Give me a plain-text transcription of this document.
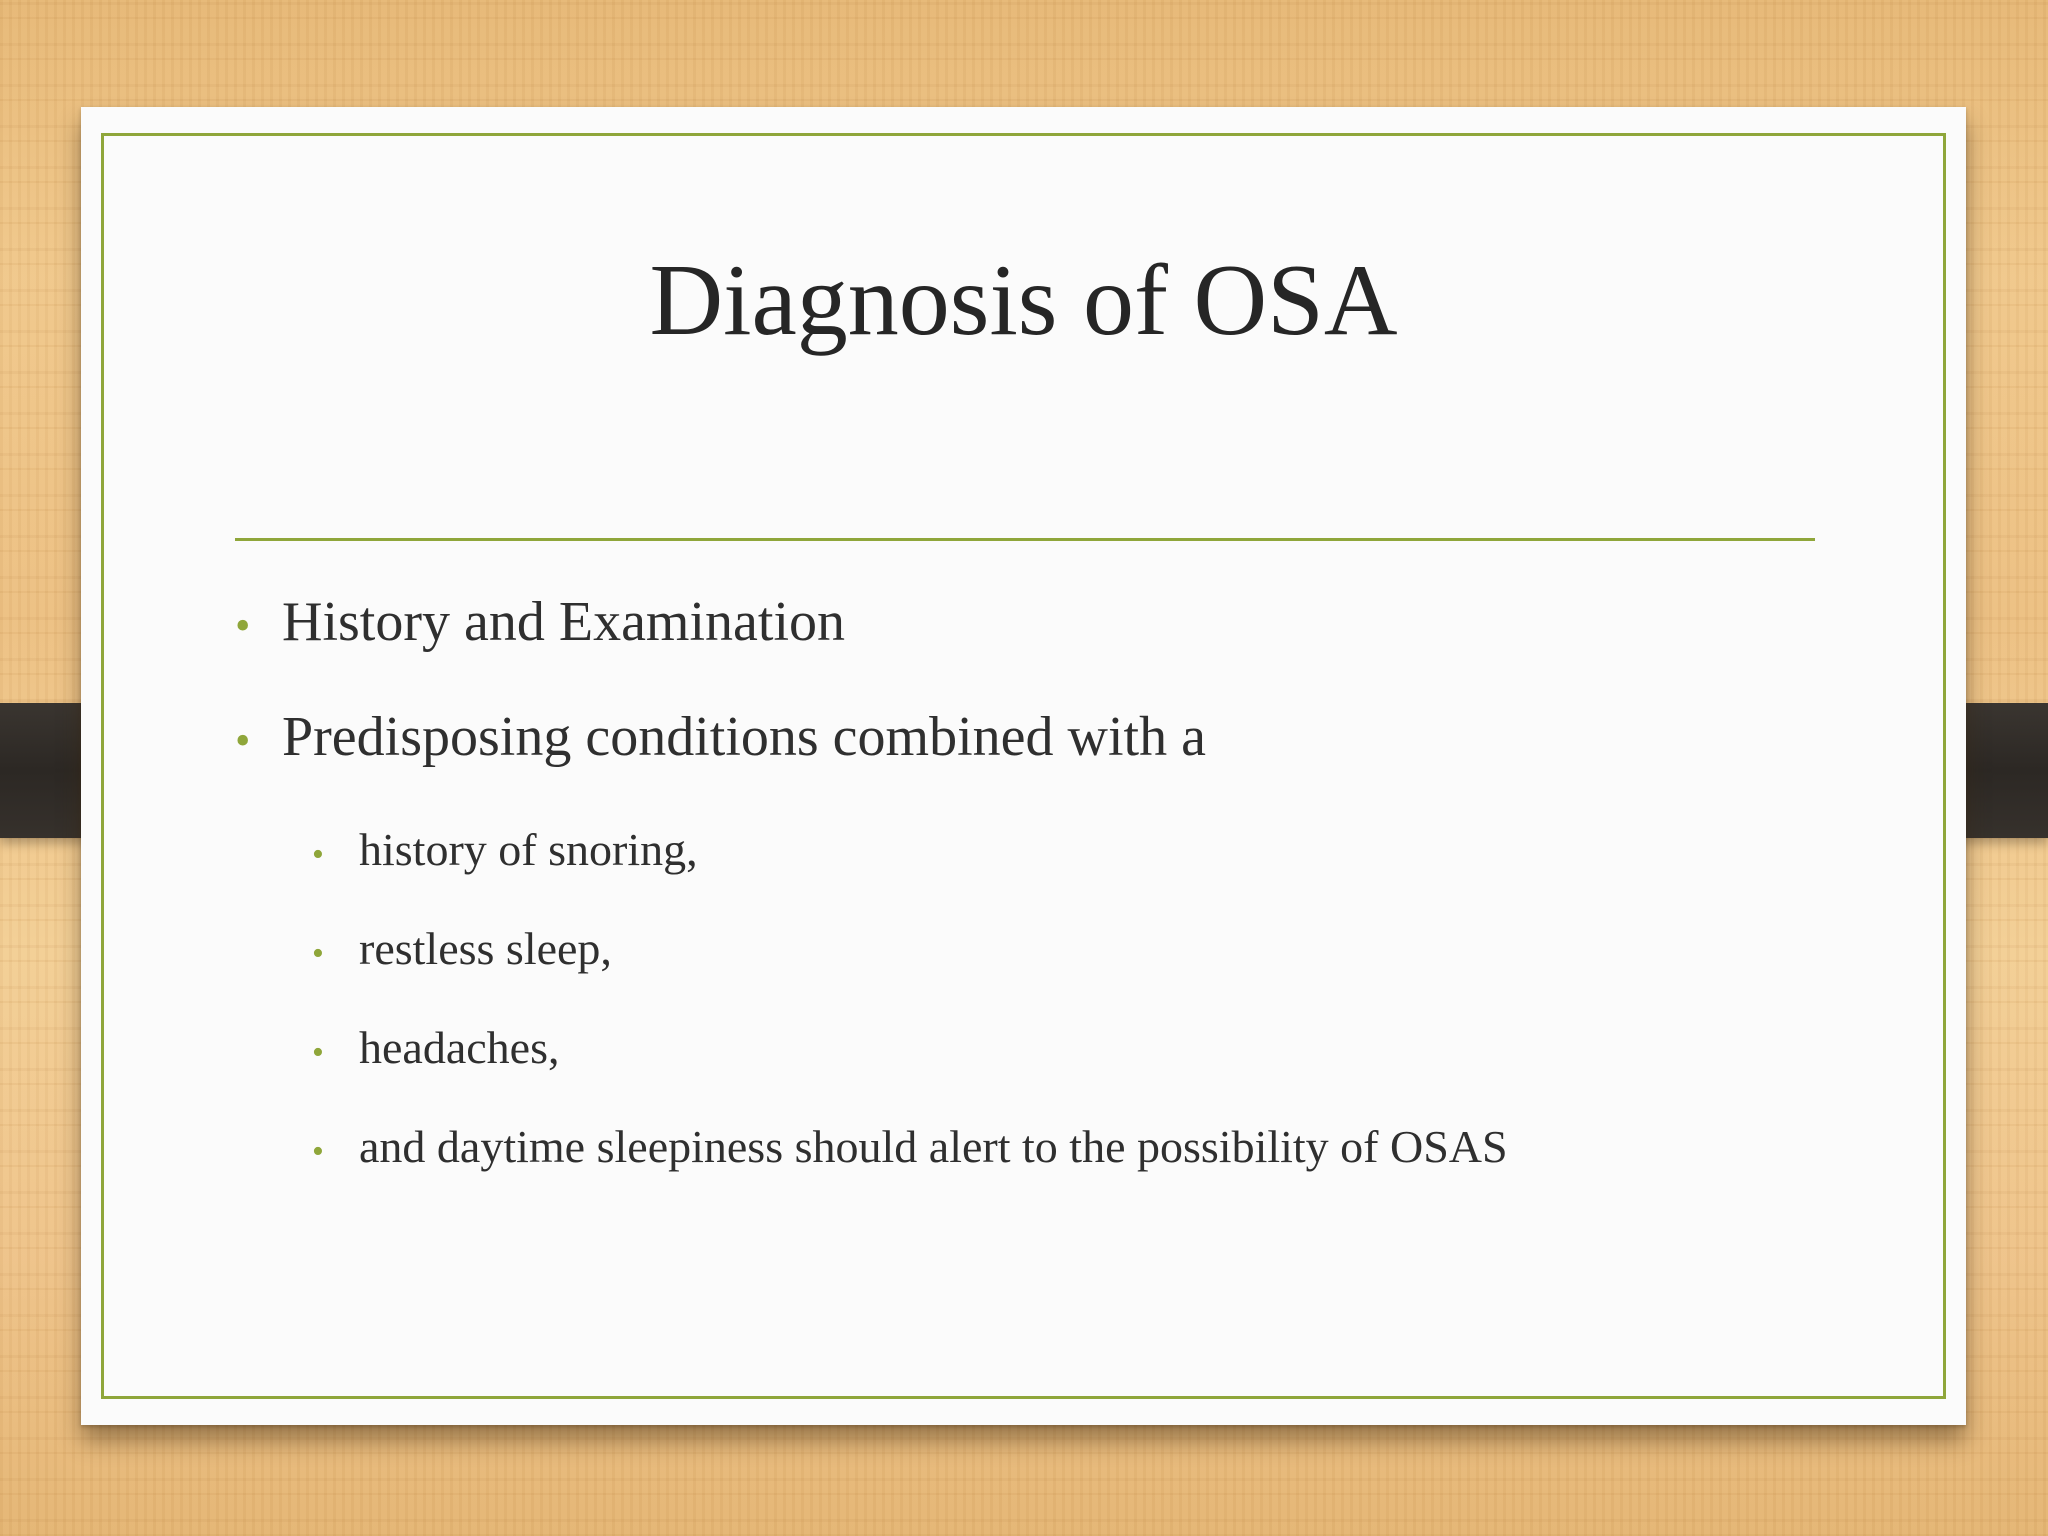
Diagnosis of OSA
• History and Examination
• Predisposing conditions combined with a
• history of snoring,
• restless sleep,
• headaches,
• and daytime sleepiness should alert to the possibility of OSAS
